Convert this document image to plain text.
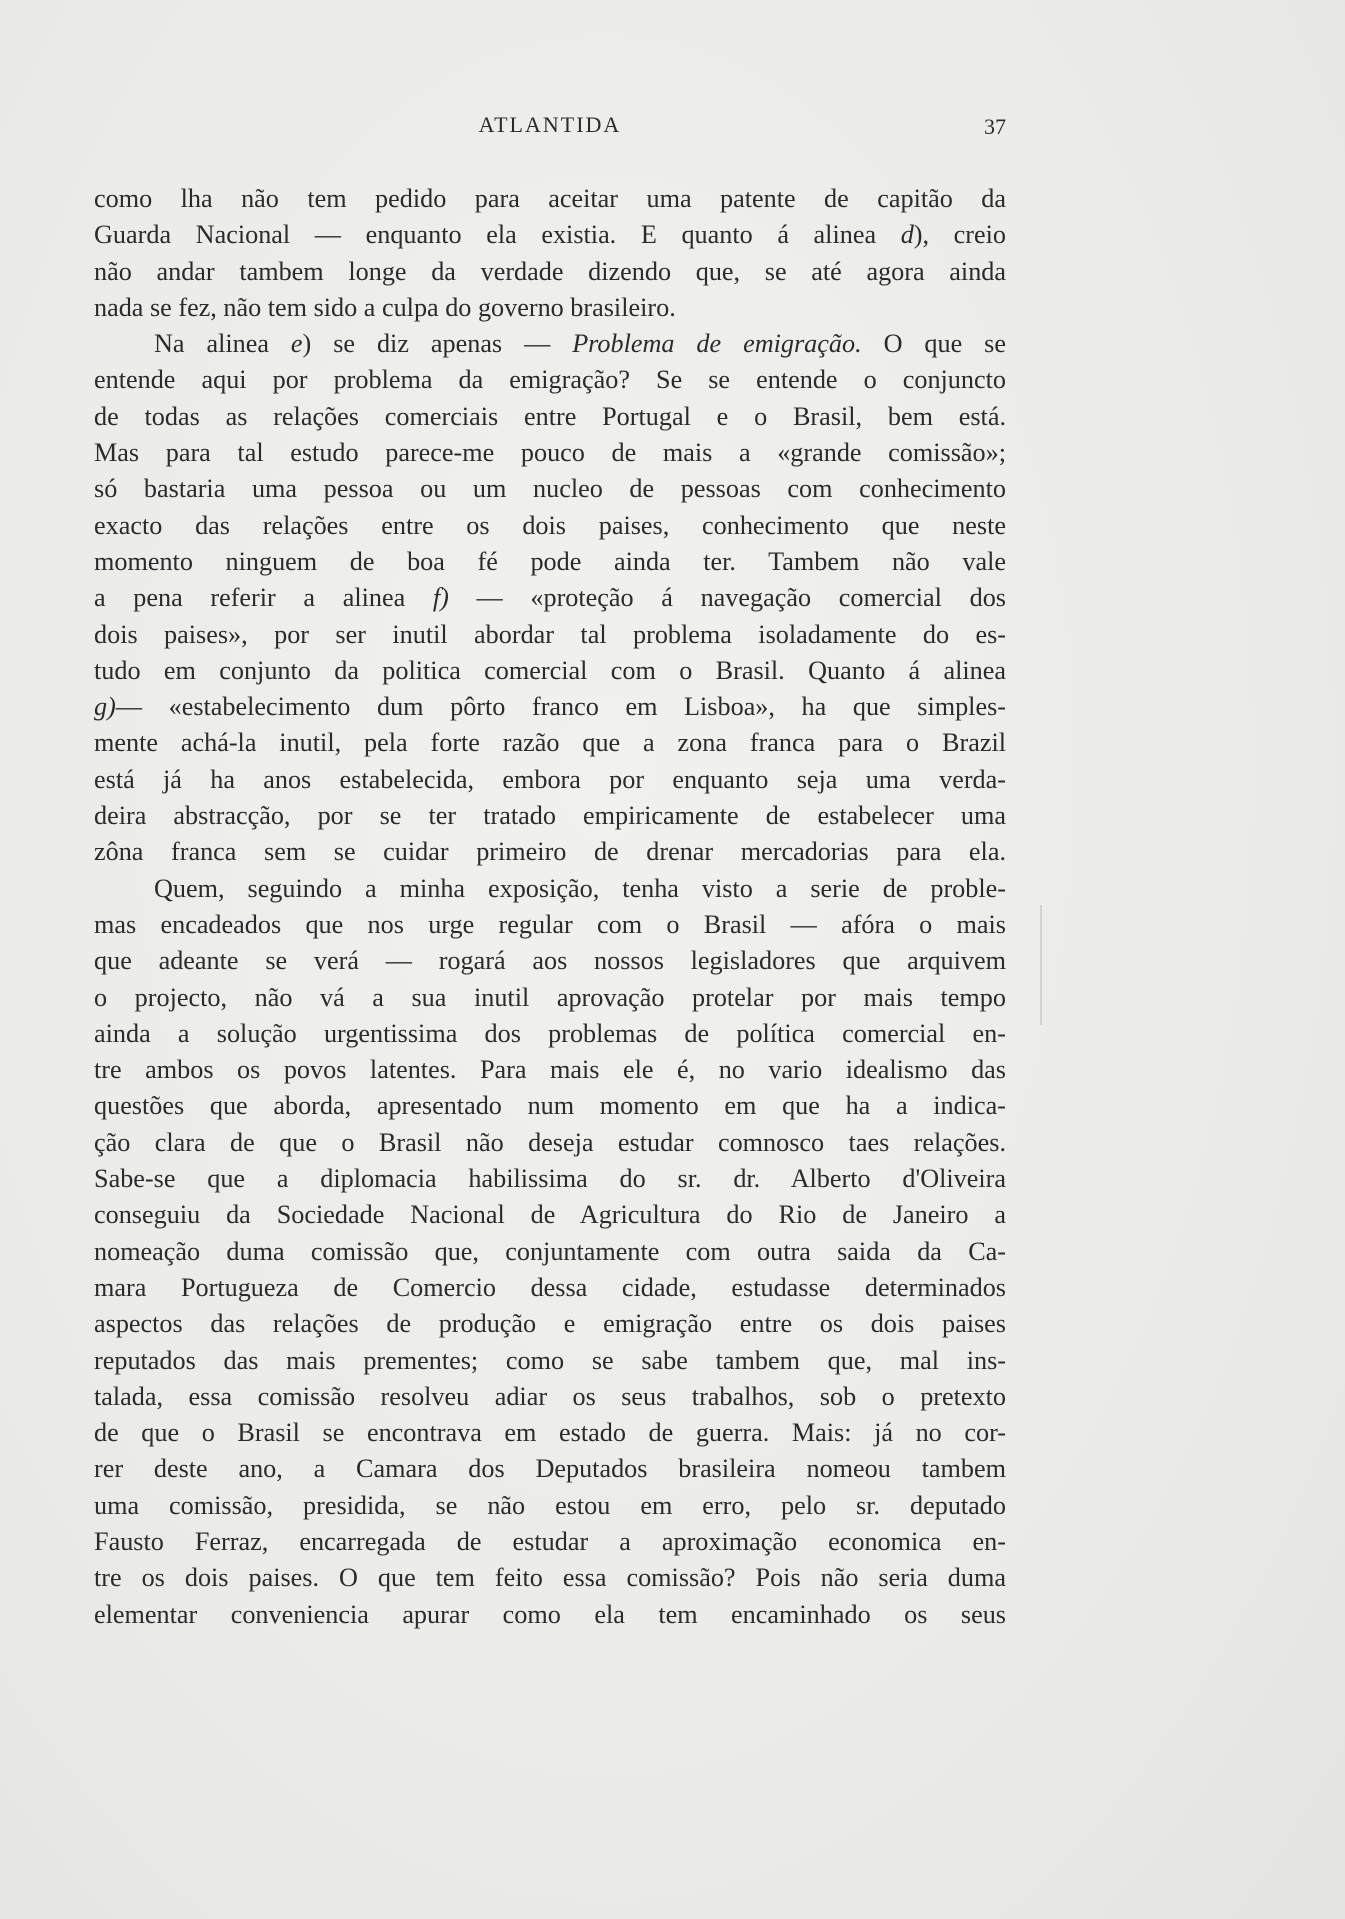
ATLANTIDA	37
como lha não tem pedido para aceitar uma patente de capitão da
Guarda Nacional — enquanto ela existia. E quanto á alinea d), creio
não andar tambem longe da verdade dizendo que, se até agora ainda
nada se fez, não tem sido a culpa do governo brasileiro.
Na alinea e) se diz apenas — Problema de emigração. O que se
entende aqui por problema da emigração? Se se entende o conjuncto
de todas as relações comerciais entre Portugal e o Brasil, bem está.
Mas para tal estudo parece-me pouco de mais a «grande comissão»;
só bastaria uma pessoa ou um nucleo de pessoas com conhecimento
exacto das relações entre os dois paises, conhecimento que neste
momento ninguem de boa fé pode ainda ter. Tambem não vale
a pena referir a alinea f) — «proteção á navegação comercial dos
dois paises», por ser inutil abordar tal problema isoladamente do es-
tudo em conjunto da politica comercial com o Brasil. Quanto á alinea
g)— «estabelecimento dum pôrto franco em Lisboa», ha que simples-
mente achá-la inutil, pela forte razão que a zona franca para o Brazil
está já ha anos estabelecida, embora por enquanto seja uma verda-
deira abstracção, por se ter tratado empiricamente de estabelecer uma
zôna franca sem se cuidar primeiro de drenar mercadorias para ela.
Quem, seguindo a minha exposição, tenha visto a serie de proble-
mas encadeados que nos urge regular com o Brasil — afóra o mais
que adeante se verá — rogará aos nossos legisladores que arquivem
o projecto, não vá a sua inutil aprovação protelar por mais tempo
ainda a solução urgentissima dos problemas de política comercial en-
tre ambos os povos latentes. Para mais ele é, no vario idealismo das
questões que aborda, apresentado num momento em que ha a indica-
ção clara de que o Brasil não deseja estudar comnosco taes relações.
Sabe-se que a diplomacia habilissima do sr. dr. Alberto d'Oliveira
conseguiu da Sociedade Nacional de Agricultura do Rio de Janeiro a
nomeação duma comissão que, conjuntamente com outra saida da Ca-
mara Portugueza de Comercio dessa cidade, estudasse determinados
aspectos das relações de produção e emigração entre os dois paises
reputados das mais prementes; como se sabe tambem que, mal ins-
talada, essa comissão resolveu adiar os seus trabalhos, sob o pretexto
de que o Brasil se encontrava em estado de guerra. Mais: já no cor-
rer deste ano, a Camara dos Deputados brasileira nomeou tambem
uma comissão, presidida, se não estou em erro, pelo sr. deputado
Fausto Ferraz, encarregada de estudar a aproximação economica en-
tre os dois paises. O que tem feito essa comissão? Pois não seria duma
elementar conveniencia apurar como ela tem encaminhado os seus
